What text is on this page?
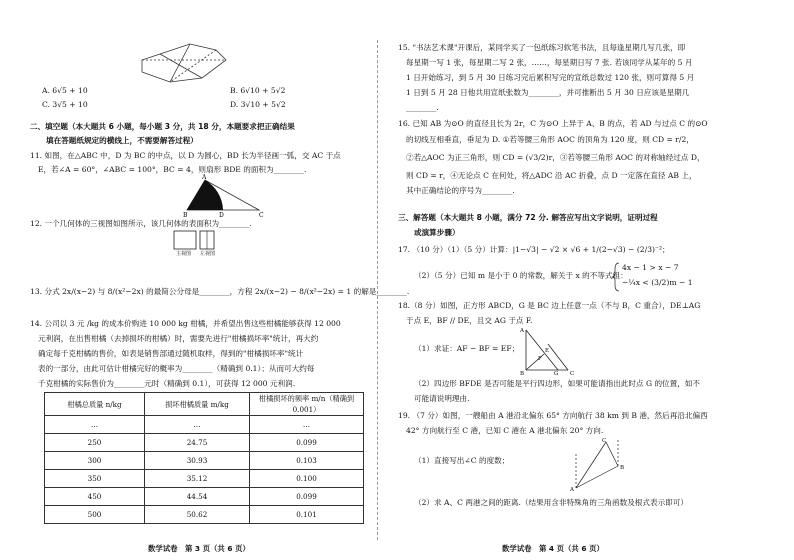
A. 6√5 + 10	B. 6√10 + 5√2
C. 3√5 + 10	D. 3√10 + 5√2
二、填空题（本大题共 6 小题，每小题 3 分，共 18 分，本题要求把正确结果
填在答题纸规定的横线上，不需要解答过程）
11. 如图，在△ABC 中，D 为 BC 的中点，以 D 为圆心，BD 长为半径画一弧，交 AC 于点
E，若∠A = 60°，∠ABC = 100°，BC = 4，则扇形 BDE 的面积为________.
B	D	C
A
12. 一个几何体的三视图如图所示，该几何体的表面积为________.
主视图 左视图
13. 分式 2x/(x−2) 与 8/(x²−2x) 的最简公分母是________，方程 2x/(x−2) − 8/(x²−2x) = 1 的解是________.
14. 公司以 3 元 /kg 的成本价购进 10 000 kg 柑橘，并希望出售这些柑橘能够获得 12 000
元利润，在出售柑橘（去掉损坏的柑橘）时，需要先进行"柑橘损坏率"统计，再大约
确定每千克柑橘的售价，如表是销售部通过随机取样，得到的"柑橘损坏率"统计
表的一部分，由此可估计柑橘完好的概率为________（精确到 0.1）；从而可大约每
千克柑橘的实际售价为________元时（精确到 0.1），可获得 12 000 元利润.
柑橘总质量 n/kg	损坏柑橘质量 m/kg	柑橘损坏的频率 m/n（精确到 0.001）
…	…	…
250	24.75	0.099
300	30.93	0.103
350	35.12	0.100
450	44.54	0.099
500	50.62	0.101
数学试卷　第 3 页（共 6 页）
15. "书法艺术课"开课后，某同学买了一包纸练习软笔书法，且每逢星期几写几张，即
每星期一写 1 张，每星期二写 2 张，……，每星期日写 7 张. 若该同学从某年的 5 月
1 日开始练习，到 5 月 30 日练习完后累积写完的宣纸总数过 120 张，则可算得 5 月
1 日到 5 月 28 日他共用宣纸张数为________，并可推断出 5 月 30 日应该是星期几
________.
16. 已知 AB 为⊙O 的直径且长为 2r，C 为⊙O 上异于 A、B 的点，若 AD 与过点 C 的⊙O
的切线互相垂直，垂足为 D. ①若等腰三角形 AOC 的顶角为 120 度，则 CD = r/2，
②若△AOC 为正三角形，则 CD = (√3/2)r，③若等腰三角形 AOC 的对称轴经过点 D，
则 CD = r，④无论点 C 在何处，将△ADC 沿 AC 折叠，点 D 一定落在直径 AB 上，
其中正确结论的序号为________.
三、解答题（本大题共 8 小题，满分 72 分. 解答应写出文字说明，证明过程
或演算步骤）
17. （10 分）（1）（5 分）计算：|1−√3| − √2 × √6 + 1/(2−√3) − (2/3)⁻²；
（2）（5 分）已知 m 是小于 0 的常数，解关于 x 的不等式组：
4x − 1 > x − 7
−¼x < (3/2)m − 1
18.（8 分）如图，正方形 ABCD，G 是 BC 边上任意一点（不与 B，C 重合），DE⊥AG
于点 E，BF // DE，且交 AG 于点 F.
（1）求证：AF − BF = EF；
A
B	G C
E
F
（2）四边形 BFDE 是否可能是平行四边形，如果可能请指出此时点 G 的位置，如不
可能请说明理由.
19. （7 分）如图，一艘船由 A 港沿北偏东 65° 方向航行 38 km 到 B 港，然后再沿北偏西
42° 方向航行至 C 港，已知 C 港在 A 港北偏东 20° 方向.
（1）直接写出∠C 的度数；
A
B
C
（2）求 A、C 两港之间的距离.（结果用含非特殊角的三角函数及根式表示即可）
数学试卷　第 4 页（共 6 页）
